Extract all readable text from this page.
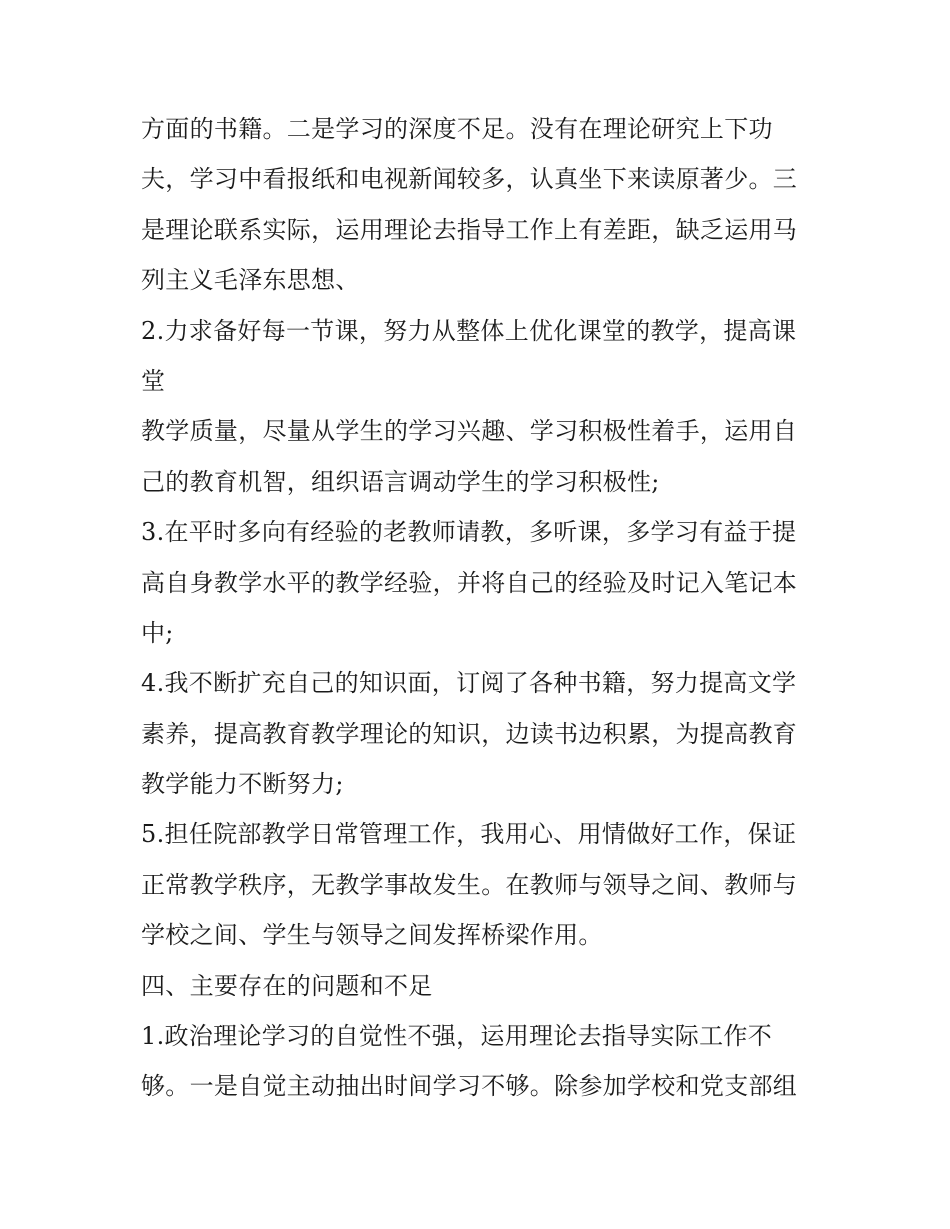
方面的书籍。二是学习的深度不足。没有在理论研究上下功
夫，学习中看报纸和电视新闻较多，认真坐下来读原著少。三
是理论联系实际，运用理论去指导工作上有差距，缺乏运用马
列主义毛泽东思想、
2.力求备好每一节课，努力从整体上优化课堂的教学，提高课
堂
教学质量，尽量从学生的学习兴趣、学习积极性着手，运用自
己的教育机智，组织语言调动学生的学习积极性;
3.在平时多向有经验的老教师请教，多听课，多学习有益于提
高自身教学水平的教学经验，并将自己的经验及时记入笔记本
中;
4.我不断扩充自己的知识面，订阅了各种书籍，努力提高文学
素养，提高教育教学理论的知识，边读书边积累，为提高教育
教学能力不断努力;
5.担任院部教学日常管理工作，我用心、用情做好工作，保证
正常教学秩序，无教学事故发生。在教师与领导之间、教师与
学校之间、学生与领导之间发挥桥梁作用。
四、主要存在的问题和不足
1.政治理论学习的自觉性不强，运用理论去指导实际工作不
够。一是自觉主动抽出时间学习不够。除参加学校和党支部组
